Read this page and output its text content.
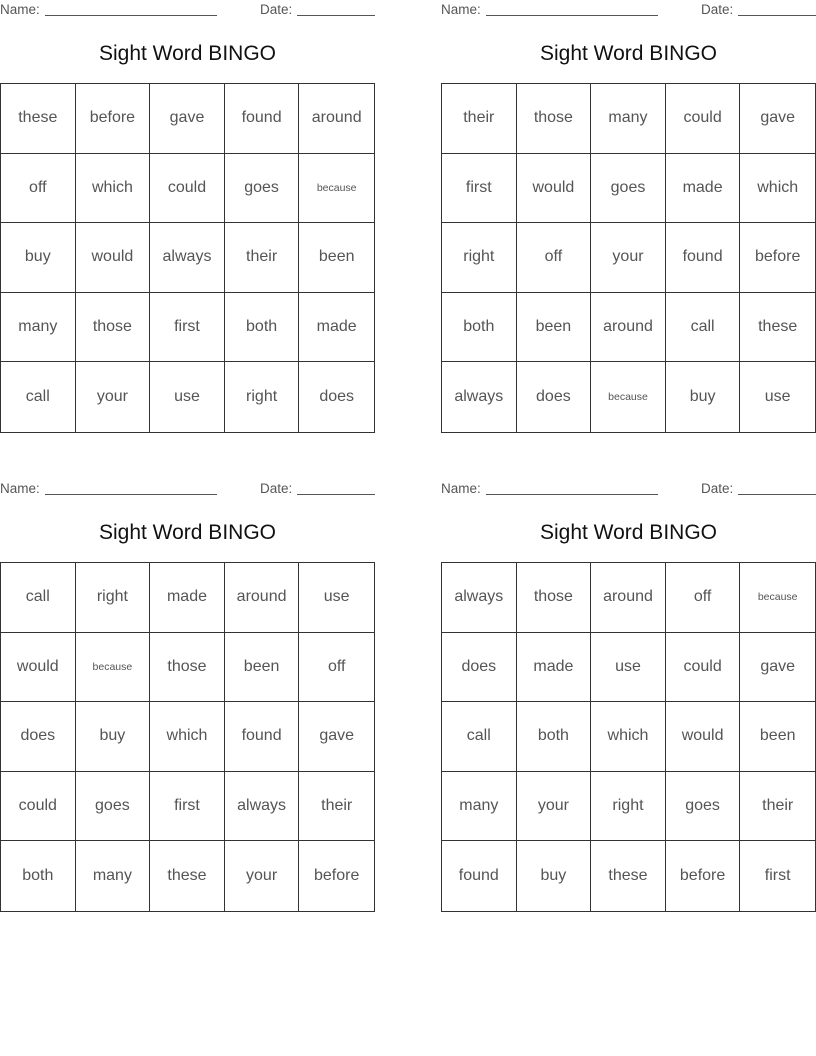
Name:	Date:
Sight Word BINGO
these	before	gave	found	around
off	which	could	goes	because
buy	would	always	their	been
many	those	first	both	made
call	your	use	right	does
Name:	Date:
Sight Word BINGO
their	those	many	could	gave
first	would	goes	made	which
right	off	your	found	before
both	been	around	call	these
always	does	because	buy	use
Name:	Date:
Sight Word BINGO
call	right	made	around	use
would	because	those	been	off
does	buy	which	found	gave
could	goes	first	always	their
both	many	these	your	before
Name:	Date:
Sight Word BINGO
always	those	around	off	because
does	made	use	could	gave
call	both	which	would	been
many	your	right	goes	their
found	buy	these	before	first
